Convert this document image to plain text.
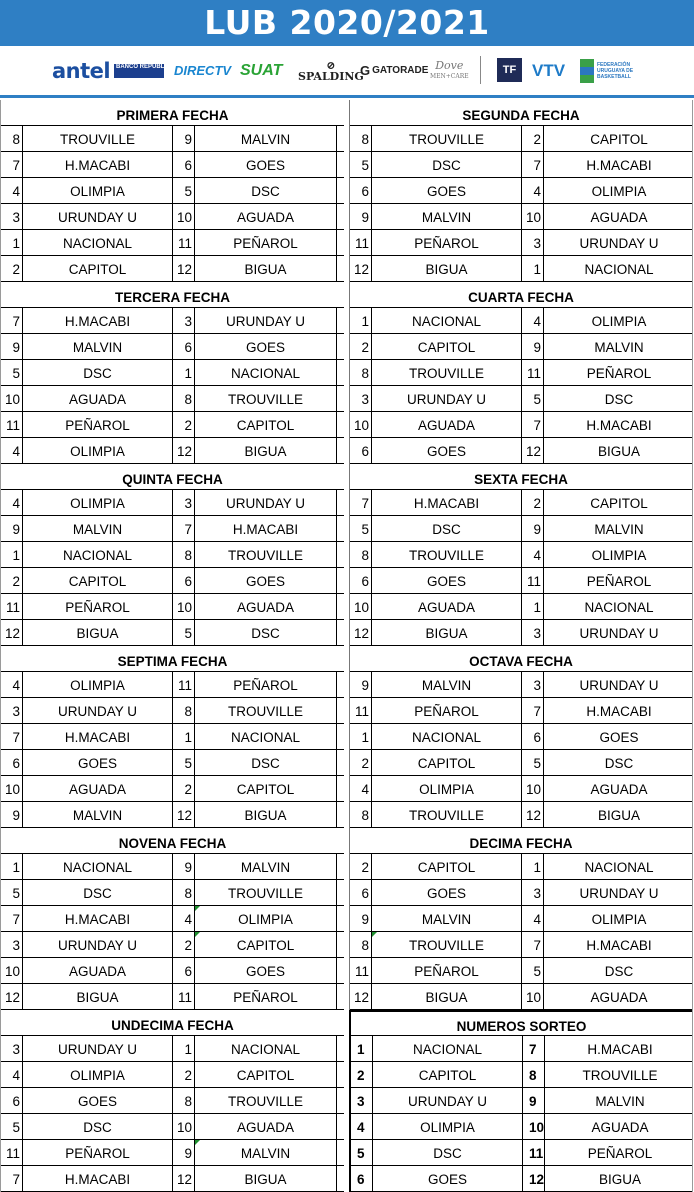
LUB 2020/2021
antel BANCO REPÚBLICA DIRECTV SUAT	⊘
SPALDING
G GATORADE Dove
MEN+CARE	TF VTV	FEDERACIÓN URUGUAYA DE BASKETBALL
PRIMERA FECHA
8	TROUVILLE	9	MALVIN
7	H.MACABI	6	GOES
4	OLIMPIA	5	DSC
3	URUNDAY U	10	AGUADA
1	NACIONAL	11	PEÑAROL
2	CAPITOL	12	BIGUA
TERCERA FECHA
7	H.MACABI	3	URUNDAY U
9	MALVIN	6	GOES
5	DSC	1	NACIONAL
10	AGUADA	8	TROUVILLE
11	PEÑAROL	2	CAPITOL
4	OLIMPIA	12	BIGUA
QUINTA FECHA
4	OLIMPIA	3	URUNDAY U
9	MALVIN	7	H.MACABI
1	NACIONAL	8	TROUVILLE
2	CAPITOL	6	GOES
11	PEÑAROL	10	AGUADA
12	BIGUA	5	DSC
SEPTIMA FECHA
4	OLIMPIA	11	PEÑAROL
3	URUNDAY U	8	TROUVILLE
7	H.MACABI	1	NACIONAL
6	GOES	5	DSC
10	AGUADA	2	CAPITOL
9	MALVIN	12	BIGUA
NOVENA FECHA
1	NACIONAL	9	MALVIN
5	DSC	8	TROUVILLE
7	H.MACABI	4	OLIMPIA
3	URUNDAY U	2	CAPITOL
10	AGUADA	6	GOES
12	BIGUA	11	PEÑAROL
UNDECIMA FECHA
3	URUNDAY U	1	NACIONAL
4	OLIMPIA	2	CAPITOL
6	GOES	8	TROUVILLE
5	DSC	10	AGUADA
11	PEÑAROL	9	MALVIN
7	H.MACABI	12	BIGUA
SEGUNDA FECHA
8	TROUVILLE	2	CAPITOL
5	DSC	7	H.MACABI
6	GOES	4	OLIMPIA
9	MALVIN	10	AGUADA
11	PEÑAROL	3	URUNDAY U
12	BIGUA	1	NACIONAL
CUARTA FECHA
1	NACIONAL	4	OLIMPIA
2	CAPITOL	9	MALVIN
8	TROUVILLE	11	PEÑAROL
3	URUNDAY U	5	DSC
10	AGUADA	7	H.MACABI
6	GOES	12	BIGUA
SEXTA FECHA
7	H.MACABI	2	CAPITOL
5	DSC	9	MALVIN
8	TROUVILLE	4	OLIMPIA
6	GOES	11	PEÑAROL
10	AGUADA	1	NACIONAL
12	BIGUA	3	URUNDAY U
OCTAVA FECHA
9	MALVIN	3	URUNDAY U
11	PEÑAROL	7	H.MACABI
1	NACIONAL	6	GOES
2	CAPITOL	5	DSC
4	OLIMPIA	10	AGUADA
8	TROUVILLE	12	BIGUA
DECIMA FECHA
2	CAPITOL	1	NACIONAL
6	GOES	3	URUNDAY U
9	MALVIN	4	OLIMPIA
8	TROUVILLE	7	H.MACABI
11	PEÑAROL	5	DSC
12	BIGUA	10	AGUADA
NUMEROS SORTEO
1	NACIONAL	7	H.MACABI
2	CAPITOL	8	TROUVILLE
3	URUNDAY U	9	MALVIN
4	OLIMPIA	10	AGUADA
5	DSC	11	PEÑAROL
6	GOES	12	BIGUA
